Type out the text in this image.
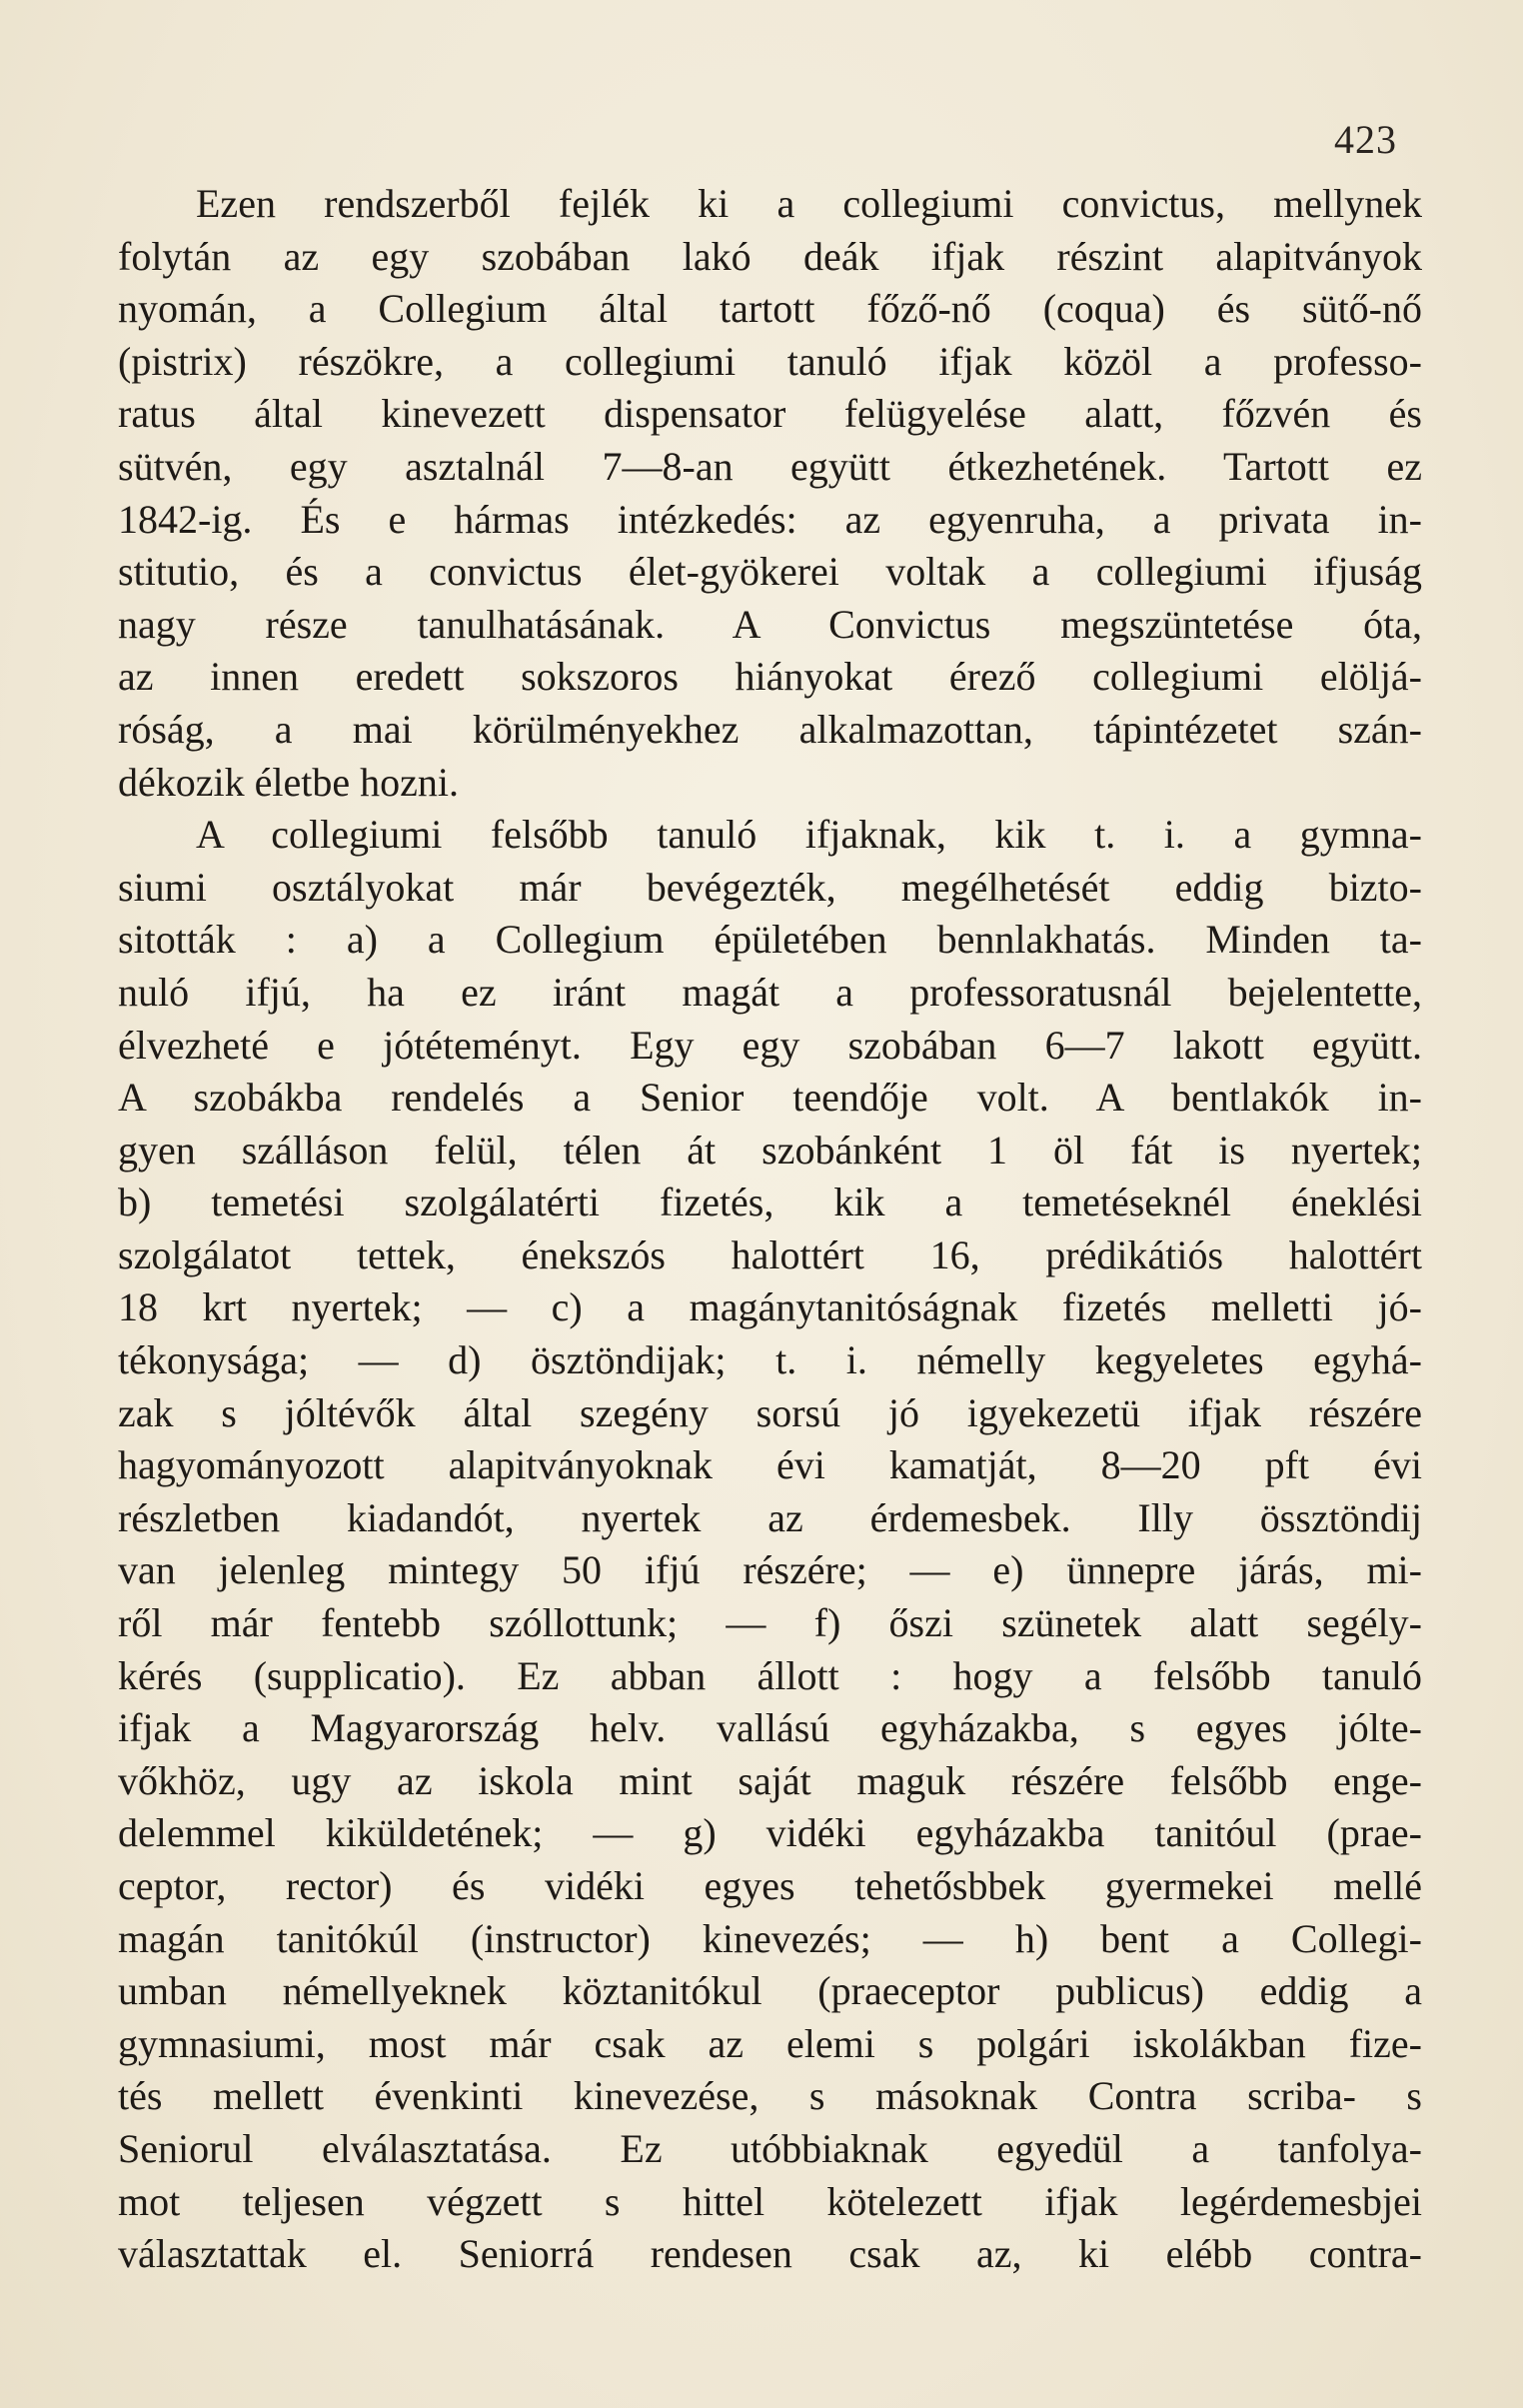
423
Ezen rendszerből fejlék ki a collegiumi convictus, mellynek
folytán az egy szobában lakó deák ifjak részint alapitványok
nyomán, a Collegium által tartott főző-nő (coqua) és sütő-nő
(pistrix) részökre, a collegiumi tanuló ifjak közöl a professo-
ratus által kinevezett dispensator felügyelése alatt, főzvén és
sütvén, egy asztalnál 7—8-an együtt étkezhetének. Tartott ez
1842-ig. És e hármas intézkedés: az egyenruha, a privata in-
stitutio, és a convictus élet-gyökerei voltak a collegiumi ifjuság
nagy része tanulhatásának. A Convictus megszüntetése óta,
az innen eredett sokszoros hiányokat érező collegiumi elöljá-
róság, a mai körülményekhez alkalmazottan, tápintézetet szán-
dékozik életbe hozni.
A collegiumi felsőbb tanuló ifjaknak, kik t. i. a gymna-
siumi osztályokat már bevégezték, megélhetését eddig bizto-
sitották : a) a Collegium épületében bennlakhatás. Minden ta-
nuló ifjú, ha ez iránt magát a professoratusnál bejelentette,
élvezheté e jótéteményt. Egy egy szobában 6—7 lakott együtt.
A szobákba rendelés a Senior teendője volt. A bentlakók in-
gyen szálláson felül, télen át szobánként 1 öl fát is nyertek;
b) temetési szolgálatérti fizetés, kik a temetéseknél éneklési
szolgálatot tettek, énekszós halottért 16, prédikátiós halottért
18 krt nyertek; — c) a magánytanitóságnak fizetés melletti jó-
tékonysága; — d) ösztöndijak; t. i. némelly kegyeletes egyhá-
zak s jóltévők által szegény sorsú jó igyekezetü ifjak részére
hagyományozott alapitványoknak évi kamatját, 8—20 pft évi
részletben kiadandót, nyertek az érdemesbek. Illy össztöndij
van jelenleg mintegy 50 ifjú részére; — e) ünnepre járás, mi-
ről már fentebb szóllottunk; — f) őszi szünetek alatt segély-
kérés (supplicatio). Ez abban állott : hogy a felsőbb tanuló
ifjak a Magyarország helv. vallású egyházakba, s egyes jólte-
vőkhöz, ugy az iskola mint saját maguk részére felsőbb enge-
delemmel kiküldetének; — g) vidéki egyházakba tanitóul (prae-
ceptor, rector) és vidéki egyes tehetősbbek gyermekei mellé
magán tanitókúl (instructor) kinevezés; — h) bent a Collegi-
umban némellyeknek köztanitókul (praeceptor publicus) eddig a
gymnasiumi, most már csak az elemi s polgári iskolákban fize-
tés mellett évenkinti kinevezése, s másoknak Contra scriba- s
Seniorul elválasztatása. Ez utóbbiaknak egyedül a tanfolya-
mot teljesen végzett s hittel kötelezett ifjak legérdemesbjei
választattak el. Seniorrá rendesen csak az, ki elébb contra-
